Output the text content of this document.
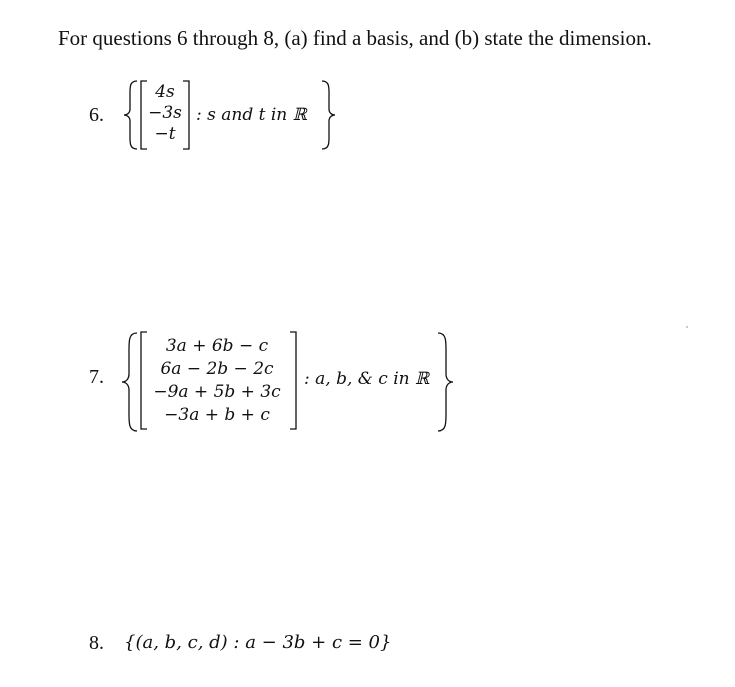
For questions 6 through 8, (a) find a basis, and (b) state the dimension.
6.
4s
−3s
−t
: s and t in ℝ
7.
3a + 6b − c
6a − 2b − 2c
−9a + 5b + 3c
−3a + b + c
: a, b, & c in ℝ
8. {(a, b, c, d) : a − 3b + c = 0}
